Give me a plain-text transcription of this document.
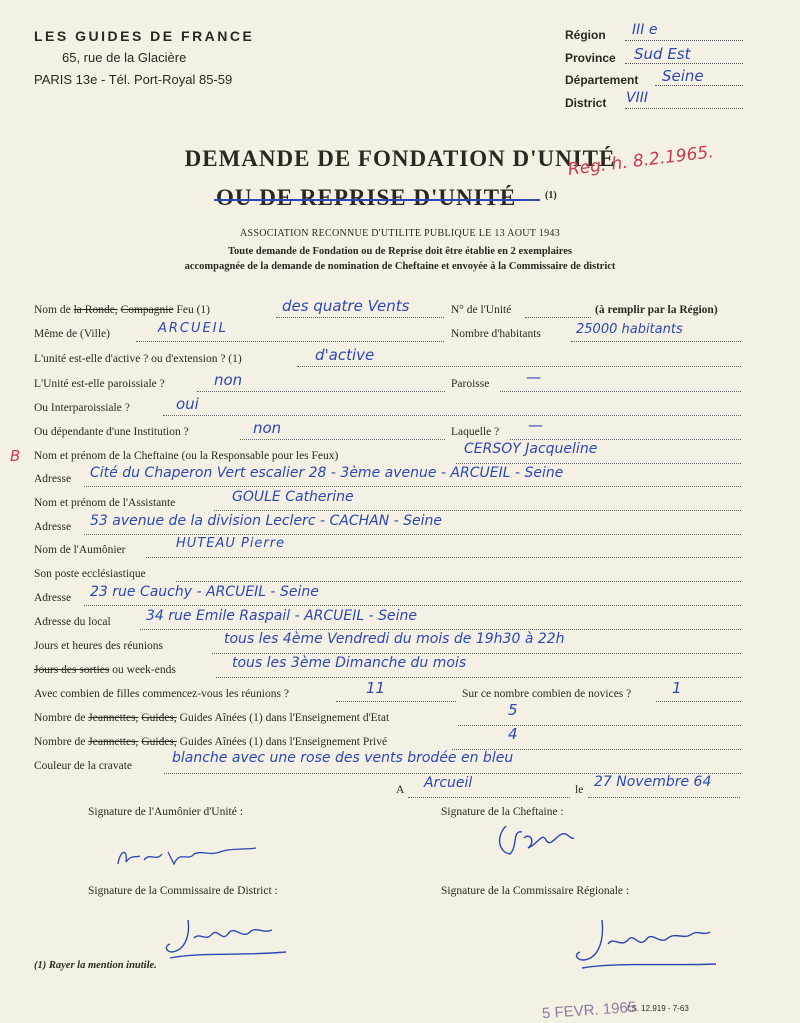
LES GUIDES DE FRANCE
65, rue de la Glacière
PARIS 13e - Tél. Port-Royal 85-59
Région III e
Province Sud Est
Département Seine
District VIII
DEMANDE DE FONDATION D'UNITÉ
OU DE REPRISE D'UNITÉ	(1)
Reg. h. 8.2.1965.
ASSOCIATION RECONNUE D'UTILITE PUBLIQUE LE 13 AOUT 1943
Toute demande de Fondation ou de Reprise doit être établie en 2 exemplaires
accompagnée de la demande de nomination de Cheftaine et envoyée à la Commissaire de district
Nom de la Ronde, Compagnie Feu (1)	des quatre Vents	N° de l'Unité	(à remplir par la Région)
Même de (Ville)	ARCUEIL	Nombre d'habitants	25000 habitants
L'unité est-elle d'active ? ou d'extension ? (1)	d'active
L'Unité est-elle paroissiale ?	non	Paroisse —
Ou Interparoissiale ?	oui
Ou dépendante d'une Institution ?	non	Laquelle ? —
B Nom et prénom de la Cheftaine (ou la Responsable pour les Feux)	CERSOY Jacqueline
Adresse Cité du Chaperon Vert escalier 28 - 3ème avenue - ARCUEIL - Seine
Nom et prénom de l'Assistante	GOULE Catherine
Adresse 53 avenue de la division Leclerc - CACHAN - Seine
Nom de l'Aumônier	HUTEAU Pierre
Son poste ecclésiastique
Adresse 23 rue Cauchy - ARCUEIL - Seine
Adresse du local	34 rue Emile Raspail - ARCUEIL - Seine
Jours et heures des réunions	tous les 4ème Vendredi du mois de 19h30 à 22h
Jours des sorties ou week-ends	tous les 3ème Dimanche du mois
Avec combien de filles commencez-vous les réunions ?	11	Sur ce nombre combien de novices ?	1
Nombre de Jeannettes, Guides, Guides Aînées (1) dans l'Enseignement d'Etat	5
Nombre de Jeannettes, Guides, Guides Aînées (1) dans l'Enseignement Privé	4
Couleur de la cravate	blanche avec une rose des vents brodée en bleu
A Arcueil	le 27 Novembre 64
Signature de l'Aumônier d'Unité :	Signature de la Cheftaine :
Signature de la Commissaire de District :	Signature de la Commissaire Régionale :
(1) Rayer la mention inutile.
I.S. 12.919 - 7-63
5 FEVR. 1965
